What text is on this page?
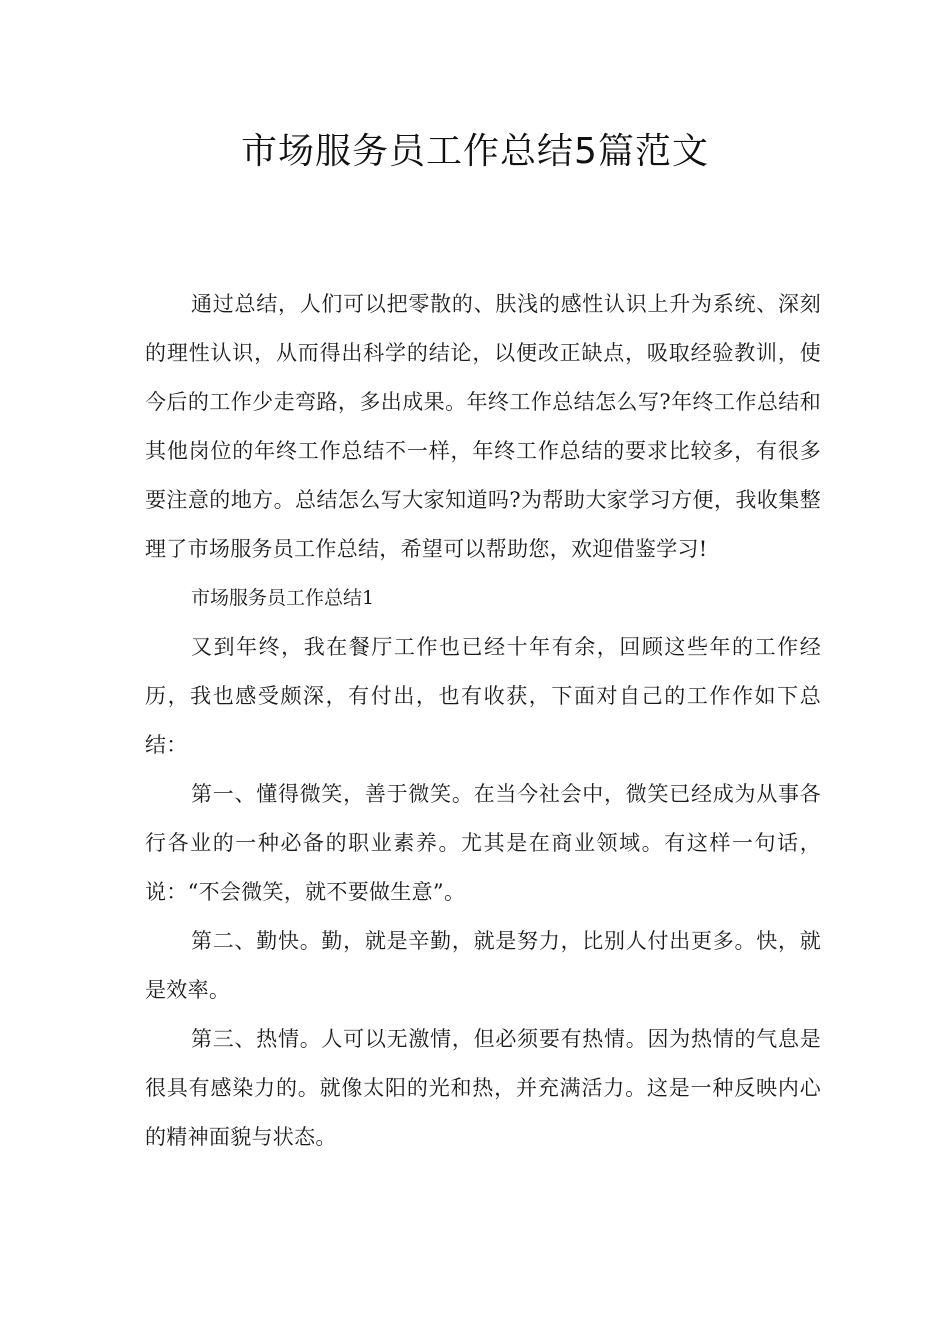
市场服务员工作总结5篇范文

通过总结，人们可以把零散的、肤浅的感性认识上升为系统、深刻的理性认识，从而得出科学的结论，以便改正缺点，吸取经验教训，使今后的工作少走弯路，多出成果。年终工作总结怎么写?年终工作总结和其他岗位的年终工作总结不一样，年终工作总结的要求比较多，有很多要注意的地方。总结怎么写大家知道吗?为帮助大家学习方便，我收集整理了市场服务员工作总结，希望可以帮助您，欢迎借鉴学习!

市场服务员工作总结1

又到年终，我在餐厅工作也已经十年有余，回顾这些年的工作经历，我也感受颇深，有付出，也有收获，下面对自己的工作作如下总结：

第一、懂得微笑，善于微笑。在当今社会中，微笑已经成为从事各行各业的一种必备的职业素养。尤其是在商业领域。有这样一句话，说：“不会微笑，就不要做生意”。

第二、勤快。勤，就是辛勤，就是努力，比别人付出更多。快，就是效率。

第三、热情。人可以无激情，但必须要有热情。因为热情的气息是很具有感染力的。就像太阳的光和热，并充满活力。这是一种反映内心的精神面貌与状态。
